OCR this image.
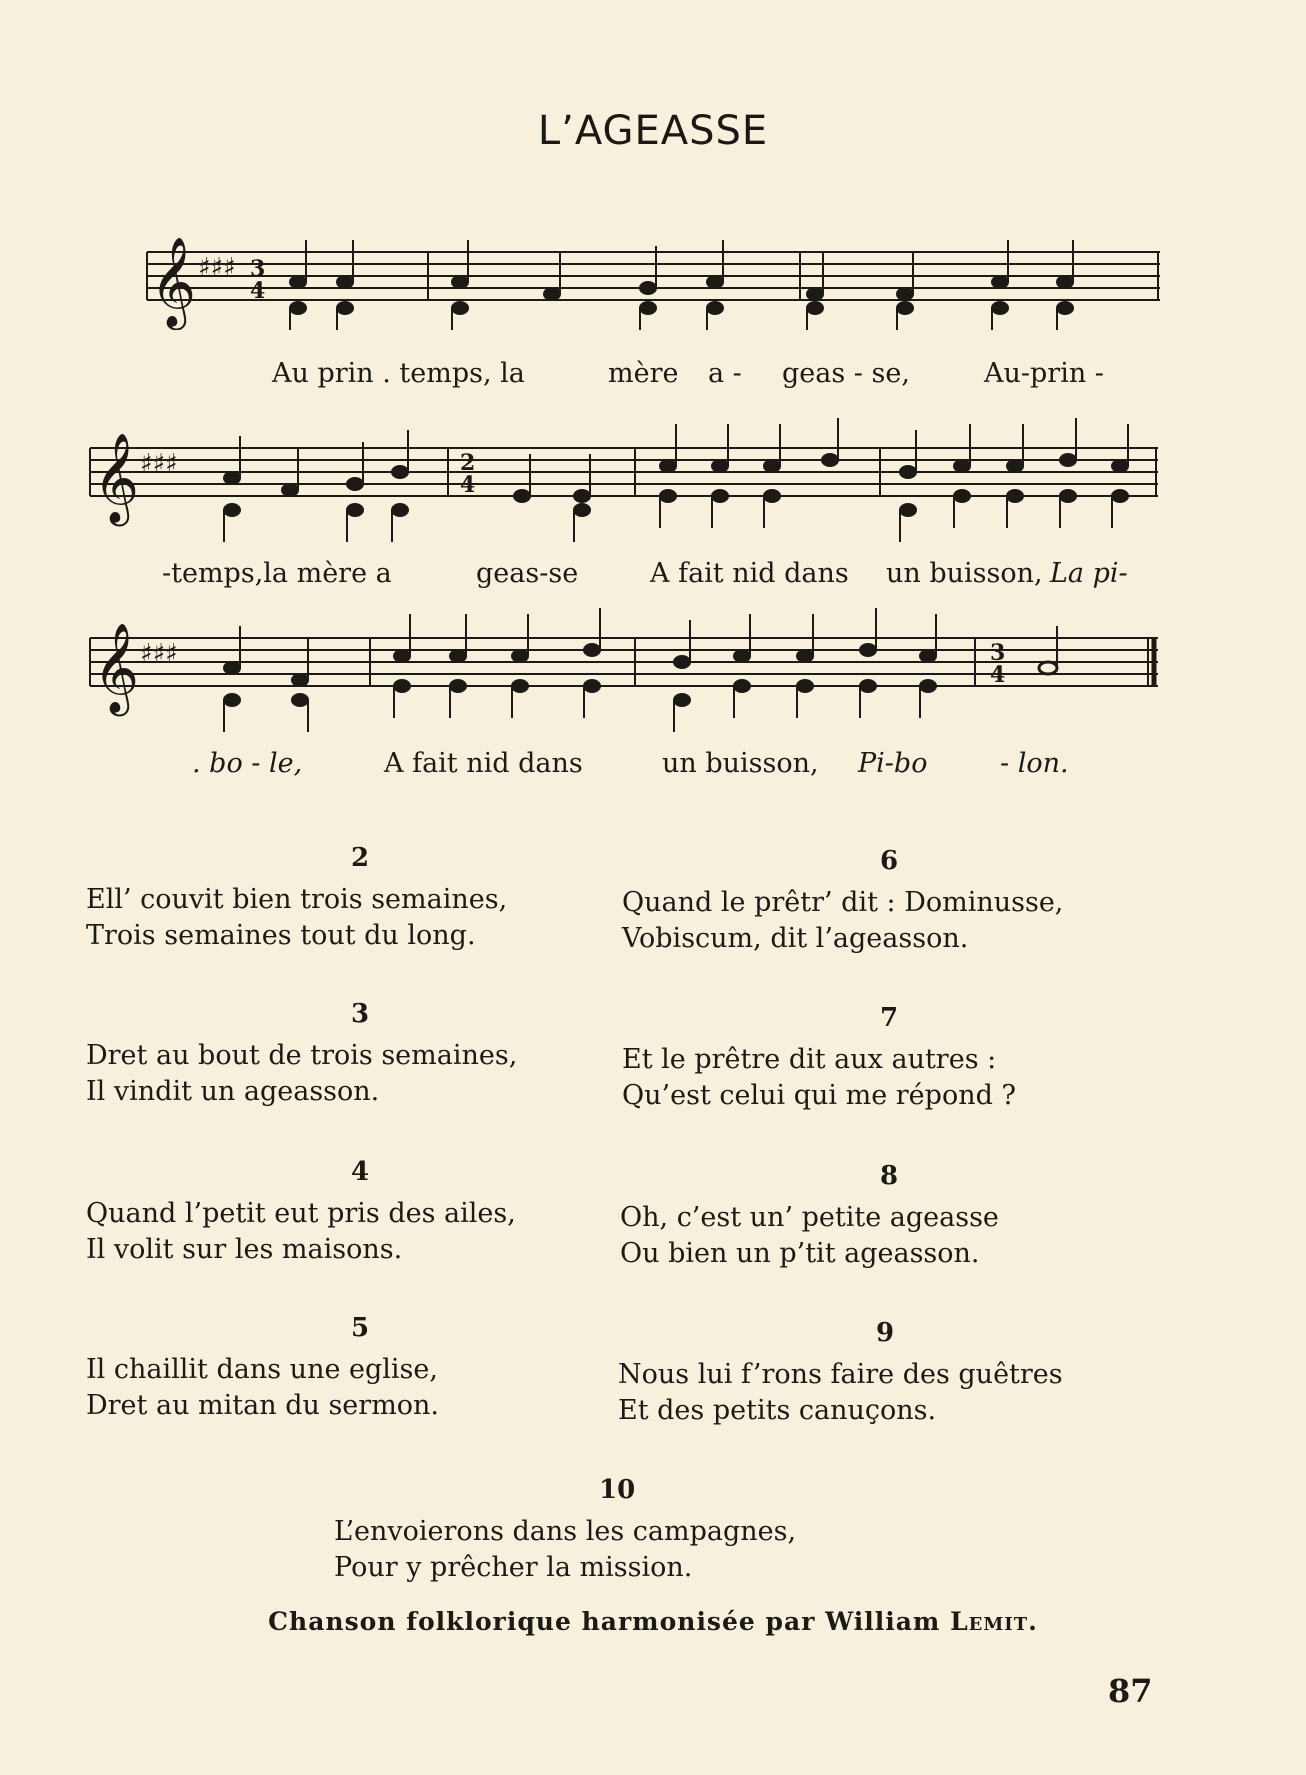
L’AGEASSE
𝄞 ♯♯♯ 3
4
Au prin . temps, la	mère a - geas - se,	Au-prin -
𝄞 ♯♯♯	2
4
-temps,la mère a	geas-se	A fait nid dans un buisson, La pi-
𝄞 ♯♯♯	3
4
. bo - le,	A fait nid dans	un buisson, Pi-bo	- lon.
2
Ell’ couvit bien trois semaines,
Trois semaines tout du long.
3
Dret au bout de trois semaines,
Il vindit un ageasson.
4
Quand l’petit eut pris des ailes,
Il volit sur les maisons.
5
Il chaillit dans une eglise,
Dret au mitan du sermon.
6
Quand le prêtr’ dit : Dominusse,
Vobiscum, dit l’ageasson.
7
Et le prêtre dit aux autres :
Qu’est celui qui me répond ?
8
Oh, c’est un’ petite ageasse
Ou bien un p’tit ageasson.
9
Nous lui f’rons faire des guêtres
Et des petits canuçons.
10
L’envoierons dans les campagnes,
Pour y prêcher la mission.
Chanson folklorique harmonisée par William Lemit.
87
